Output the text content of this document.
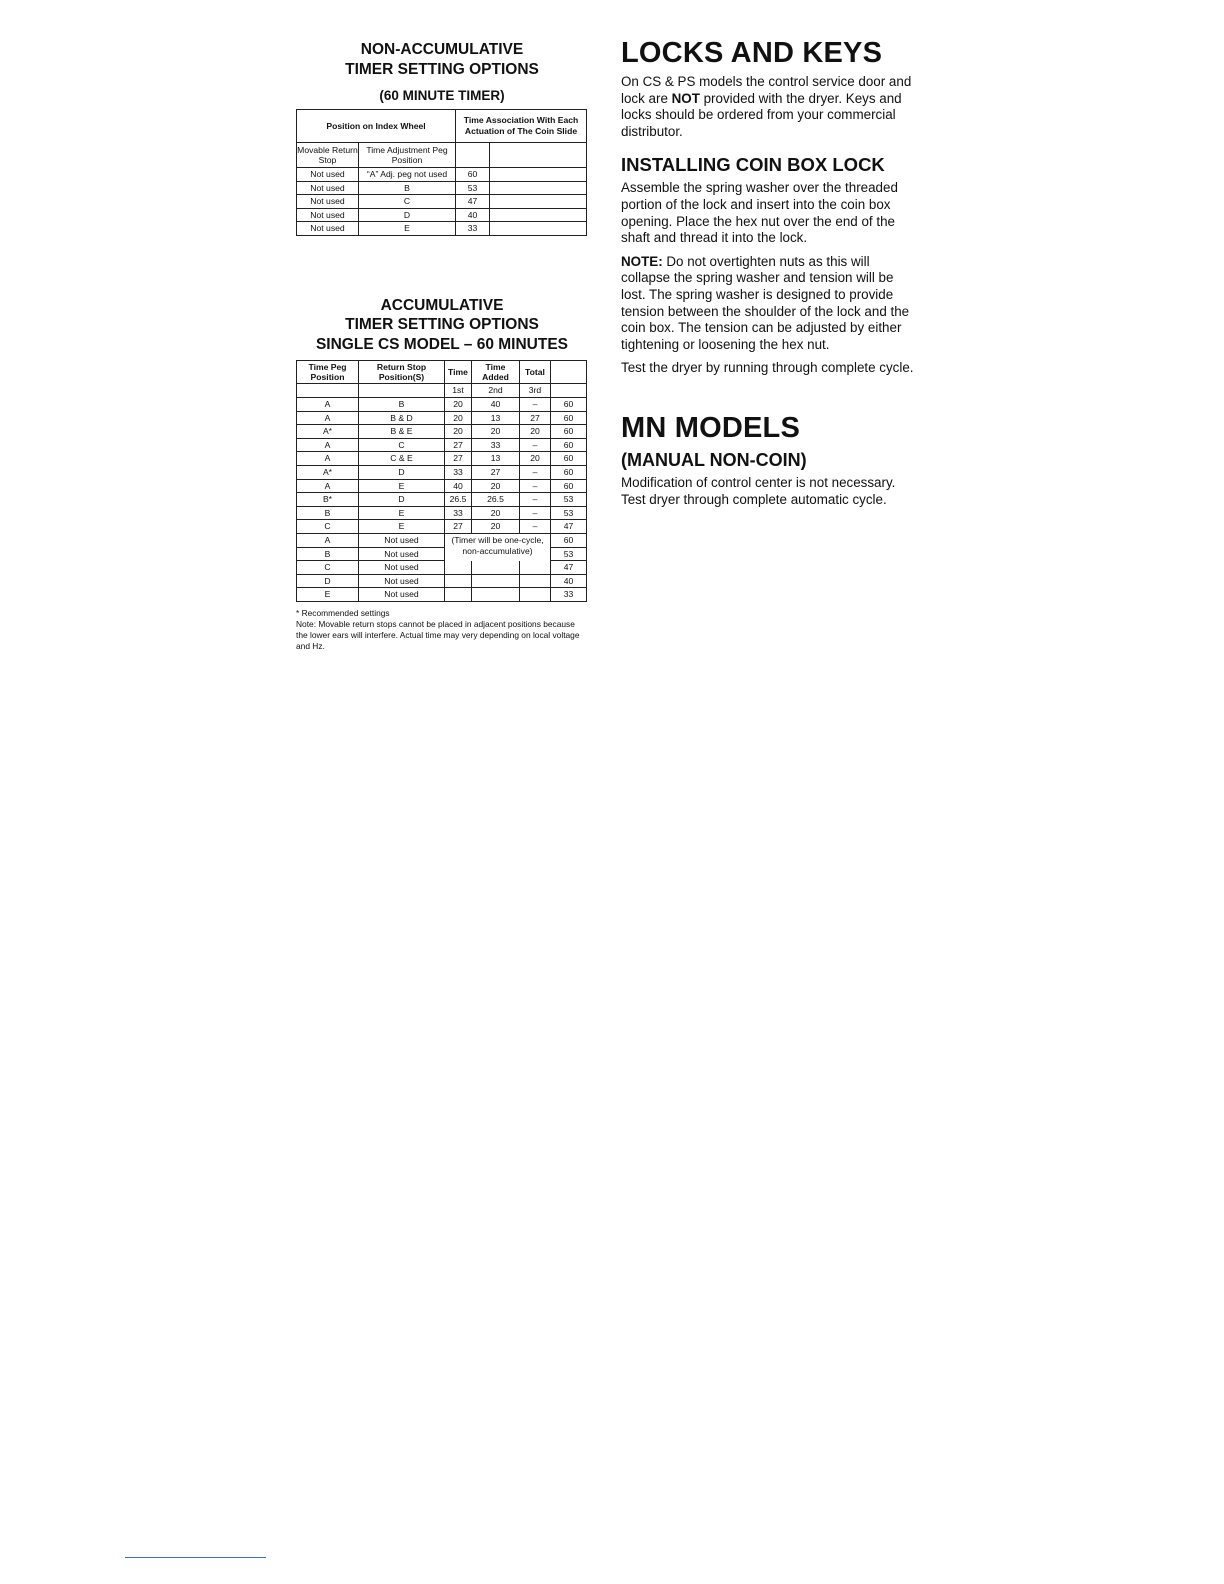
NON-ACCUMULATIVE

TIMER SETTING OPTIONS

(60 MINUTE TIMER)

Position on Index Wheel		Time Association With Each Actuation of The Coin Slide	
Movable Return Stop	Time Adjustment Peg Position		
Not used	“A” Adj. peg not used	60	
Not used	B	53	
Not used	C	47	
Not used	D	40	
Not used	E	33	

ACCUMULATIVE

TIMER SETTING OPTIONS

SINGLE CS MODEL – 60 MINUTES

Time Peg Position	Return Stop Position(S)	Time	Time Added	Total	
		1st	2nd	3rd	
A	B	20	40	–	60
A	B & D	20	13	27	60
A*	B & E	20	20	20	60
A	C	27	33	–	60
A	C & E	27	13	20	60
A*	D	33	27	–	60
A	E	40	20	–	60
B*	D	26.5	26.5	–	53
B	E	33	20	–	53
C	E	27	20	–	47
A	Not used	(Timer will be one-cycle, non-accumulative)			60
B	Not used				53
C	Not used				47
D	Not used				40
E	Not used				33
* Recommended settings
Note: Movable return stops cannot be placed in adjacent positions because the lower ears will interfere. Actual time may very depending on local voltage and Hz.
LOCKS AND KEYS

On CS & PS models the control service door and lock are NOT provided with the dryer. Keys and locks should be ordered from your commercial distributor.

INSTALLING COIN BOX LOCK

Assemble the spring washer over the threaded portion of the lock and insert into the coin box opening. Place the hex nut over the end of the shaft and thread it into the lock.

NOTE: Do not overtighten nuts as this will collapse the spring washer and tension will be lost. The spring washer is designed to provide tension between the shoulder of the lock and the coin box. The tension can be adjusted by either tightening or loosening the hex nut.

Test the dryer by running through complete cycle.

MN MODELS
(MANUAL NON-COIN)

Modification of control center is not necessary. Test dryer through complete automatic cycle.
